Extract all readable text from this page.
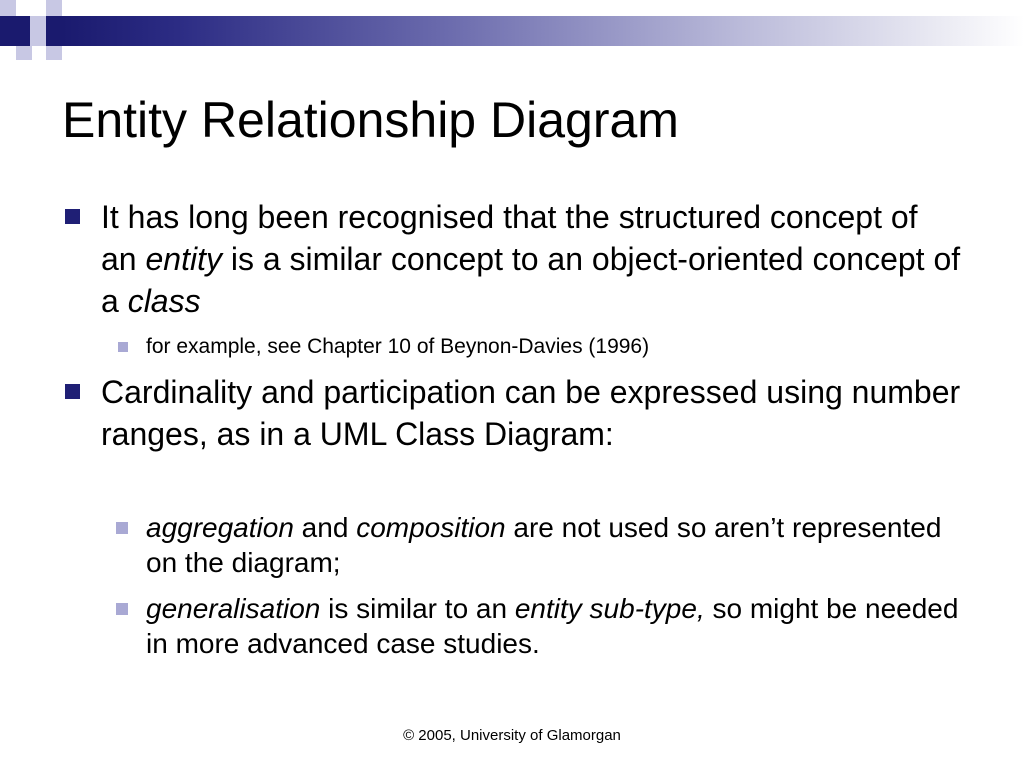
Entity Relationship Diagram
It has long been recognised that the structured concept of an entity is a similar concept to an object-oriented concept of a class
for example, see Chapter 10 of Beynon-Davies (1996)
Cardinality and participation can be expressed using number ranges, as in a UML Class Diagram:
aggregation and composition are not used so aren’t represented on the diagram;
generalisation is similar to an entity sub-type, so might be needed in more advanced case studies.
© 2005, University of Glamorgan
